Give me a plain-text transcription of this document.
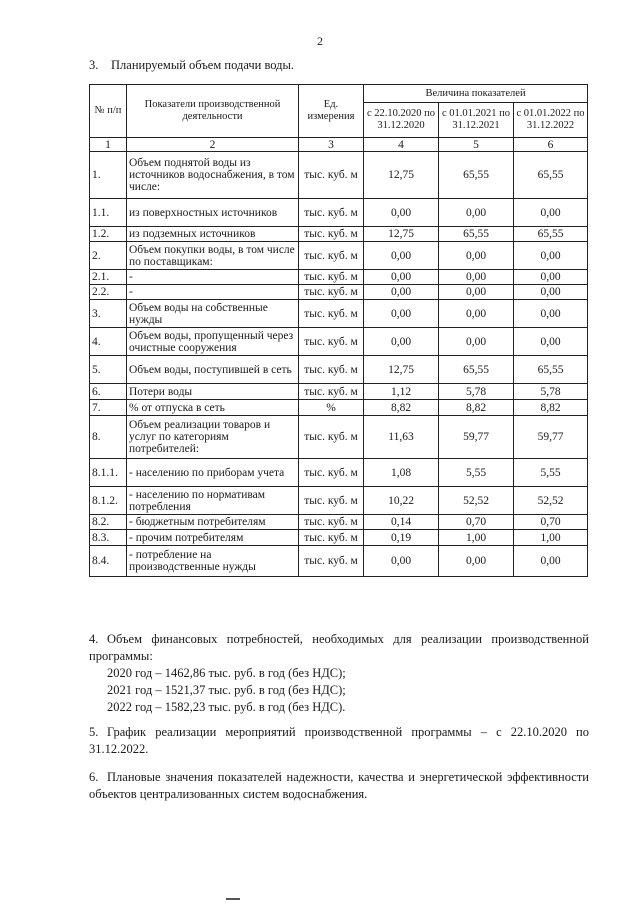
2
3. Планируемый объем подачи воды.
№ п/п	Показатели производственной деятельности	Ед. измерения	Величина показателей		
			с 22.10.2020 по 31.12.2020	с 01.01.2021 по 31.12.2021	с 01.01.2022 по 31.12.2022
1	2	3	4	5	6
1.	Объем поднятой воды из источников водоснабжения, в том числе:	тыс. куб. м	12,75	65,55	65,55
1.1.	из поверхностных источников	тыс. куб. м	0,00	0,00	0,00
1.2.	из подземных источников	тыс. куб. м	12,75	65,55	65,55
2.	Объем покупки воды, в том числе по поставщикам:	тыс. куб. м	0,00	0,00	0,00
2.1.	-	тыс. куб. м	0,00	0,00	0,00
2.2.	-	тыс. куб. м	0,00	0,00	0,00
3.	Объем воды на собственные нужды	тыс. куб. м	0,00	0,00	0,00
4.	Объем воды, пропущенный через очистные сооружения	тыс. куб. м	0,00	0,00	0,00
5.	Объем воды, поступившей в сеть	тыс. куб. м	12,75	65,55	65,55
6.	Потери воды	тыс. куб. м	1,12	5,78	5,78
7.	% от отпуска в сеть	%	8,82	8,82	8,82
8.	Объем реализации товаров и услуг по категориям потребителей:	тыс. куб. м	11,63	59,77	59,77
8.1.1.	- населению по приборам учета	тыс. куб. м	1,08	5,55	5,55
8.1.2.	- населению по нормативам потребления	тыс. куб. м	10,22	52,52	52,52
8.2.	- бюджетным потребителям	тыс. куб. м	0,14	0,70	0,70
8.3.	- прочим потребителям	тыс. куб. м	0,19	1,00	1,00
8.4.	- потребление на производственные нужды	тыс. куб. м	0,00	0,00	0,00
4. Объем финансовых потребностей, необходимых для реализации производственной программы:
2020 год – 1462,86 тыс. руб. в год (без НДС);
2021 год – 1521,37 тыс. руб. в год (без НДС);
2022 год – 1582,23 тыс. руб. в год (без НДС).
5. График реализации мероприятий производственной программы – с 22.10.2020 по 31.12.2022.
6. Плановые значения показателей надежности, качества и энергетической эффективности объектов централизованных систем водоснабжения.
